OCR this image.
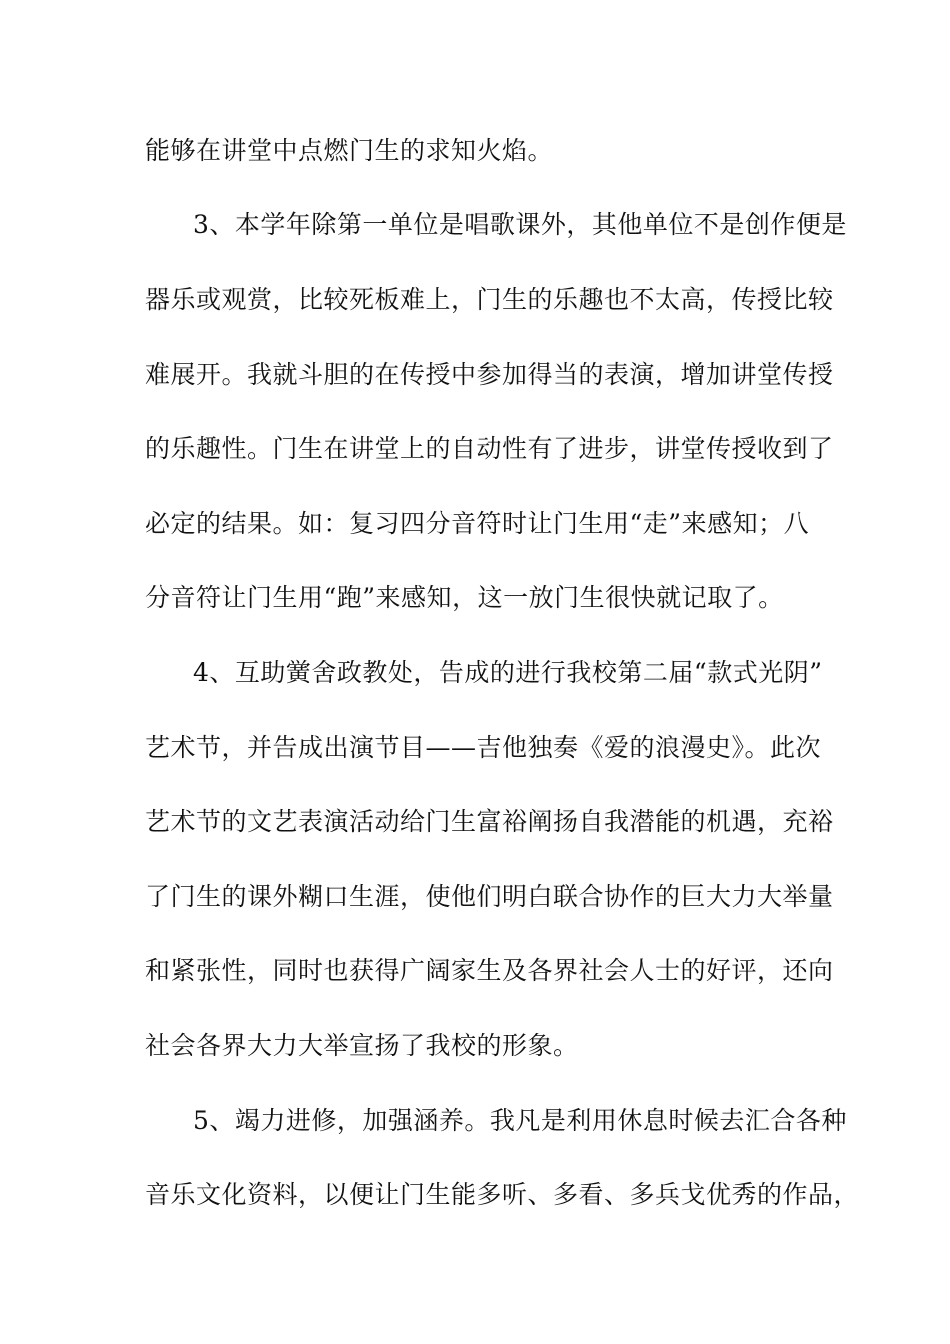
能够在讲堂中点燃门生的求知火焰。
3、本学年除第一单位是唱歌课外，其他单位不是创作便是
器乐或观赏，比较死板难上，门生的乐趣也不太高，传授比较
难展开。我就斗胆的在传授中参加得当的表演，增加讲堂传授
的乐趣性。门生在讲堂上的自动性有了进步，讲堂传授收到了
必定的结果。如：复习四分音符时让门生用“走”来感知；八
分音符让门生用“跑”来感知，这一放门生很快就记取了。
4、互助黉舍政教处，告成的进行我校第二届“款式光阴”
艺术节，并告成出演节目——吉他独奏《爱的浪漫史》。此次
艺术节的文艺表演活动给门生富裕阐扬自我潜能的机遇，充裕
了门生的课外糊口生涯，使他们明白联合协作的巨大力大举量
和紧张性，同时也获得广阔家生及各界社会人士的好评，还向
社会各界大力大举宣扬了我校的形象。
5、竭力进修，加强涵养。我凡是利用休息时候去汇合各种
音乐文化资料，以便让门生能多听、多看、多兵戈优秀的作品，
